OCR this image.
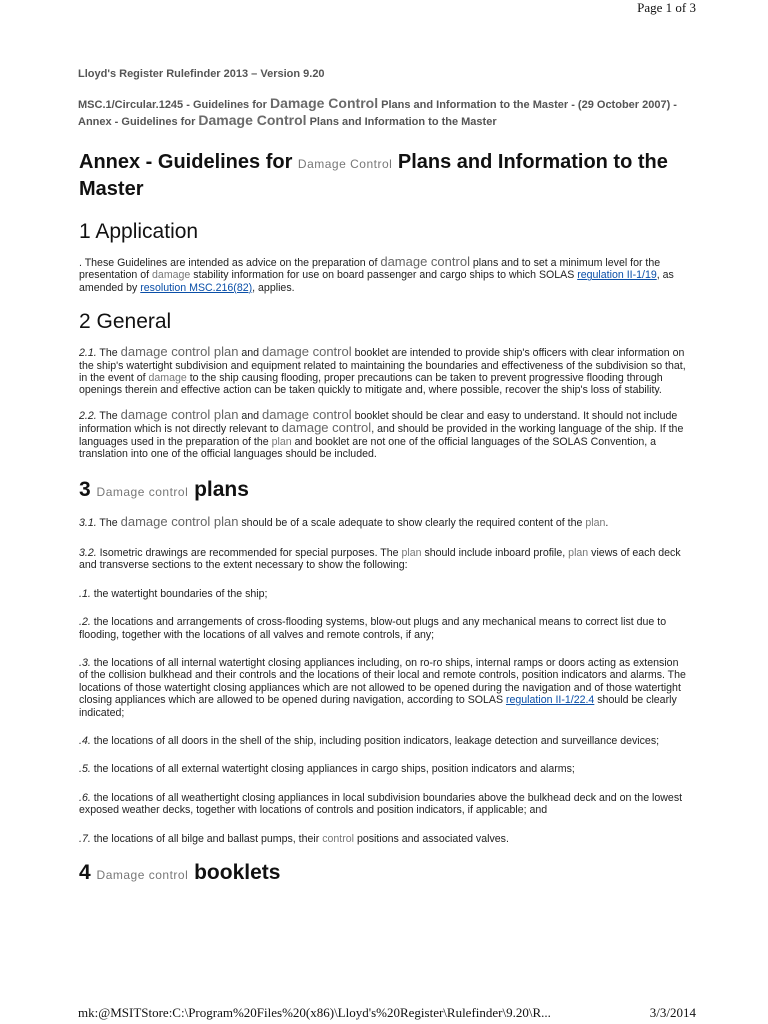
Page 1 of 3
Lloyd's Register Rulefinder 2013 – Version 9.20
MSC.1/Circular.1245 - Guidelines for Damage Control Plans and Information to the Master - (29 October 2007) - Annex - Guidelines for Damage Control Plans and Information to the Master
Annex - Guidelines for Damage Control Plans and Information to the Master
1 Application

. These Guidelines are intended as advice on the preparation of damage control plans and to set a minimum level for the presentation of damage stability information for use on board passenger and cargo ships to which SOLAS regulation II-1/19, as amended by resolution MSC.216(82), applies.

2 General

2.1. The damage control plan and damage control booklet are intended to provide ship's officers with clear information on the ship's watertight subdivision and equipment related to maintaining the boundaries and effectiveness of the subdivision so that, in the event of damage to the ship causing flooding, proper precautions can be taken to prevent progressive flooding through openings therein and effective action can be taken quickly to mitigate and, where possible, recover the ship's loss of stability.

2.2. The damage control plan and damage control booklet should be clear and easy to understand. It should not include information which is not directly relevant to damage control, and should be provided in the working language of the ship. If the languages used in the preparation of the plan and booklet are not one of the official languages of the SOLAS Convention, a translation into one of the official languages should be included.

3 Damage control plans

3.1. The damage control plan should be of a scale adequate to show clearly the required content of the plan.

3.2. Isometric drawings are recommended for special purposes. The plan should include inboard profile, plan views of each deck and transverse sections to the extent necessary to show the following:

.1. the watertight boundaries of the ship;

.2. the locations and arrangements of cross-flooding systems, blow-out plugs and any mechanical means to correct list due to flooding, together with the locations of all valves and remote controls, if any;

.3. the locations of all internal watertight closing appliances including, on ro-ro ships, internal ramps or doors acting as extension of the collision bulkhead and their controls and the locations of their local and remote controls, position indicators and alarms. The locations of those watertight closing appliances which are not allowed to be opened during the navigation and of those watertight closing appliances which are allowed to be opened during navigation, according to SOLAS regulation II-1/22.4 should be clearly indicated;

.4. the locations of all doors in the shell of the ship, including position indicators, leakage detection and surveillance devices;

.5. the locations of all external watertight closing appliances in cargo ships, position indicators and alarms;

.6. the locations of all weathertight closing appliances in local subdivision boundaries above the bulkhead deck and on the lowest exposed weather decks, together with locations of controls and position indicators, if applicable; and

.7. the locations of all bilge and ballast pumps, their control positions and associated valves.

4 Damage control booklets
mk:@MSITStore:C:\Program%20Files%20(x86)\Lloyd's%20Register\Rulefinder\9.20\R...	3/3/2014
